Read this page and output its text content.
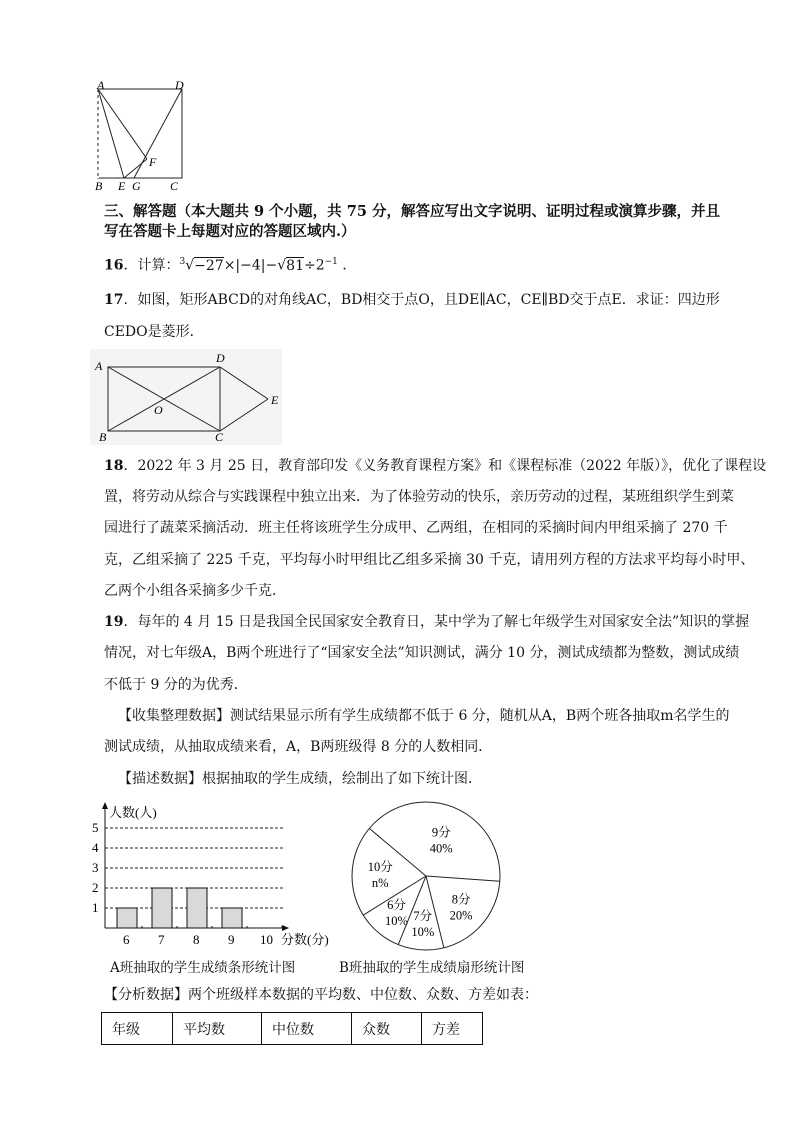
A	D
F
B E G C
三、解答题（本大题共 9 个小题，共 75 分，解答应写出文字说明、证明过程或演算步骤，并且
写在答题卡上每题对应的答题区域内.）
16．计算：$^3√-27\times|-4|-√81\div 2^{-1}$ ．
17．如图，矩形ABCD的对角线AC，BD相交于点O，且DE∥AC，CE∥BD交于点E．求证：四边形
CEDO是菱形．
A
D
O
E
B	C
18．2022 年 3 月 25 日，教育部印发《义务教育课程方案》和《课程标准（2022 年版）》，优化了课程设
置，将劳动从综合与实践课程中独立出来．为了体验劳动的快乐，亲历劳动的过程，某班组织学生到菜
园进行了蔬菜采摘活动．班主任将该班学生分成甲、乙两组，在相同的采摘时间内甲组采摘了 270 千
克，乙组采摘了 225 千克，平均每小时甲组比乙组多采摘 30 千克，请用列方程的方法求平均每小时甲、
乙两个小组各采摘多少千克．
19．每年的 4 月 15 日是我国全民国家安全教育日，某中学为了解七年级学生对国家安全法”知识的掌握
情况，对七年级A，B两个班进行了“国家安全法”知识测试，满分 10 分，测试成绩都为整数，测试成绩
不低于 9 分的为优秀．
【收集整理数据】测试结果显示所有学生成绩都不低于 6 分，随机从A，B两个班各抽取m名学生的
测试成绩，从抽取成绩来看，A，B两班级得 8 分的人数相同．
【描述数据】根据抽取的学生成绩，绘制出了如下统计图．
人数(人)
分数(分)
1
2
3
4
5
6 7 8 9 10
A班抽取的学生成绩条形统计图
9分
40%
8分
20%
7分
10%
6分
10%
10分
n%
B班抽取的学生成绩扇形统计图
【分析数据】两个班级样本数据的平均数、中位数、众数、方差如表：
年级	平均数	中位数	众数	方差
